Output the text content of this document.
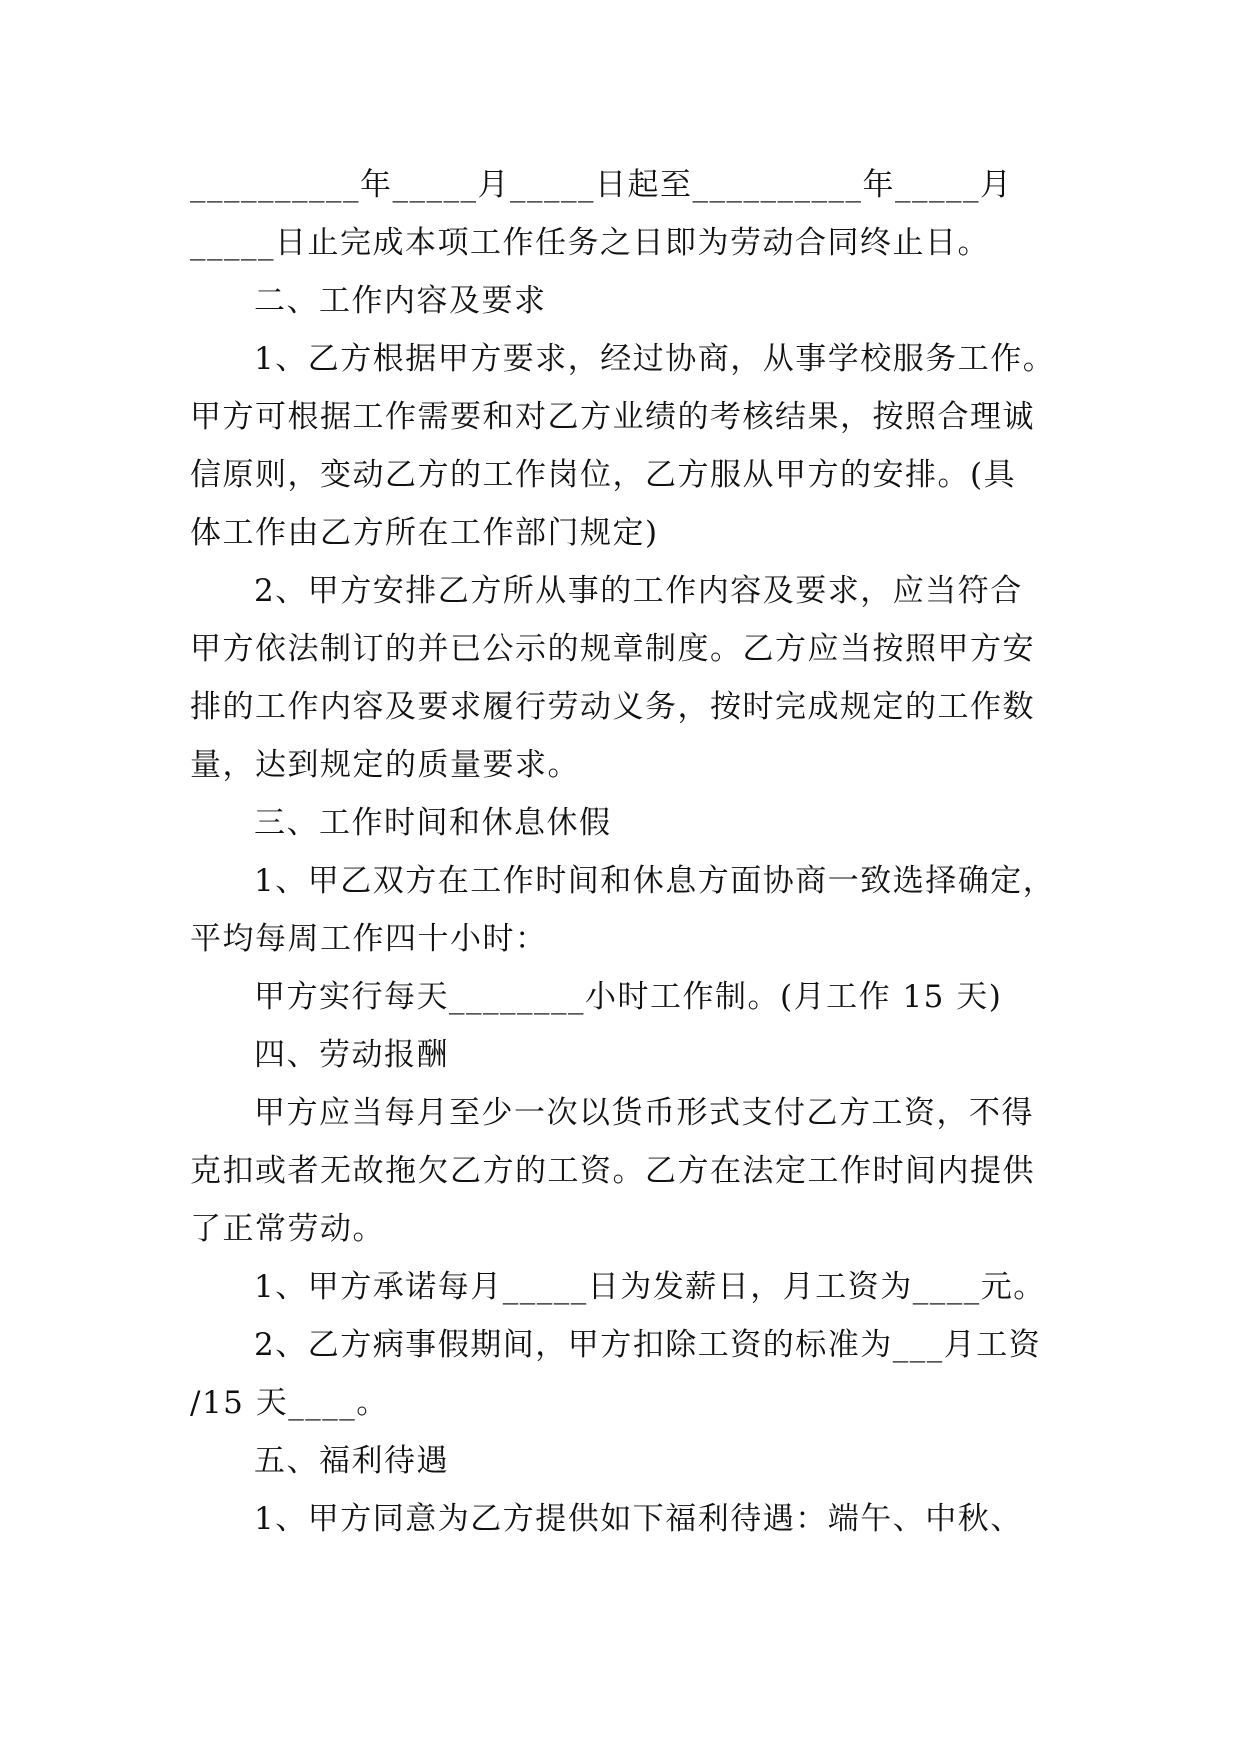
__________年_____月_____日起至__________年_____月
_____日止完成本项工作任务之日即为劳动合同终止日。
二、工作内容及要求
1、乙方根据甲方要求，经过协商，从事学校服务工作。
甲方可根据工作需要和对乙方业绩的考核结果，按照合理诚
信原则，变动乙方的工作岗位，乙方服从甲方的安排。(具
体工作由乙方所在工作部门规定)
2、甲方安排乙方所从事的工作内容及要求，应当符合
甲方依法制订的并已公示的规章制度。乙方应当按照甲方安
排的工作内容及要求履行劳动义务，按时完成规定的工作数
量，达到规定的质量要求。
三、工作时间和休息休假
1、甲乙双方在工作时间和休息方面协商一致选择确定，
平均每周工作四十小时：
甲方实行每天________小时工作制。(月工作 15 天)
四、劳动报酬
甲方应当每月至少一次以货币形式支付乙方工资，不得
克扣或者无故拖欠乙方的工资。乙方在法定工作时间内提供
了正常劳动。
1、甲方承诺每月_____日为发薪日，月工资为____元。
2、乙方病事假期间，甲方扣除工资的标准为___月工资
/15 天____。
五、福利待遇
1、甲方同意为乙方提供如下福利待遇：端午、中秋、
